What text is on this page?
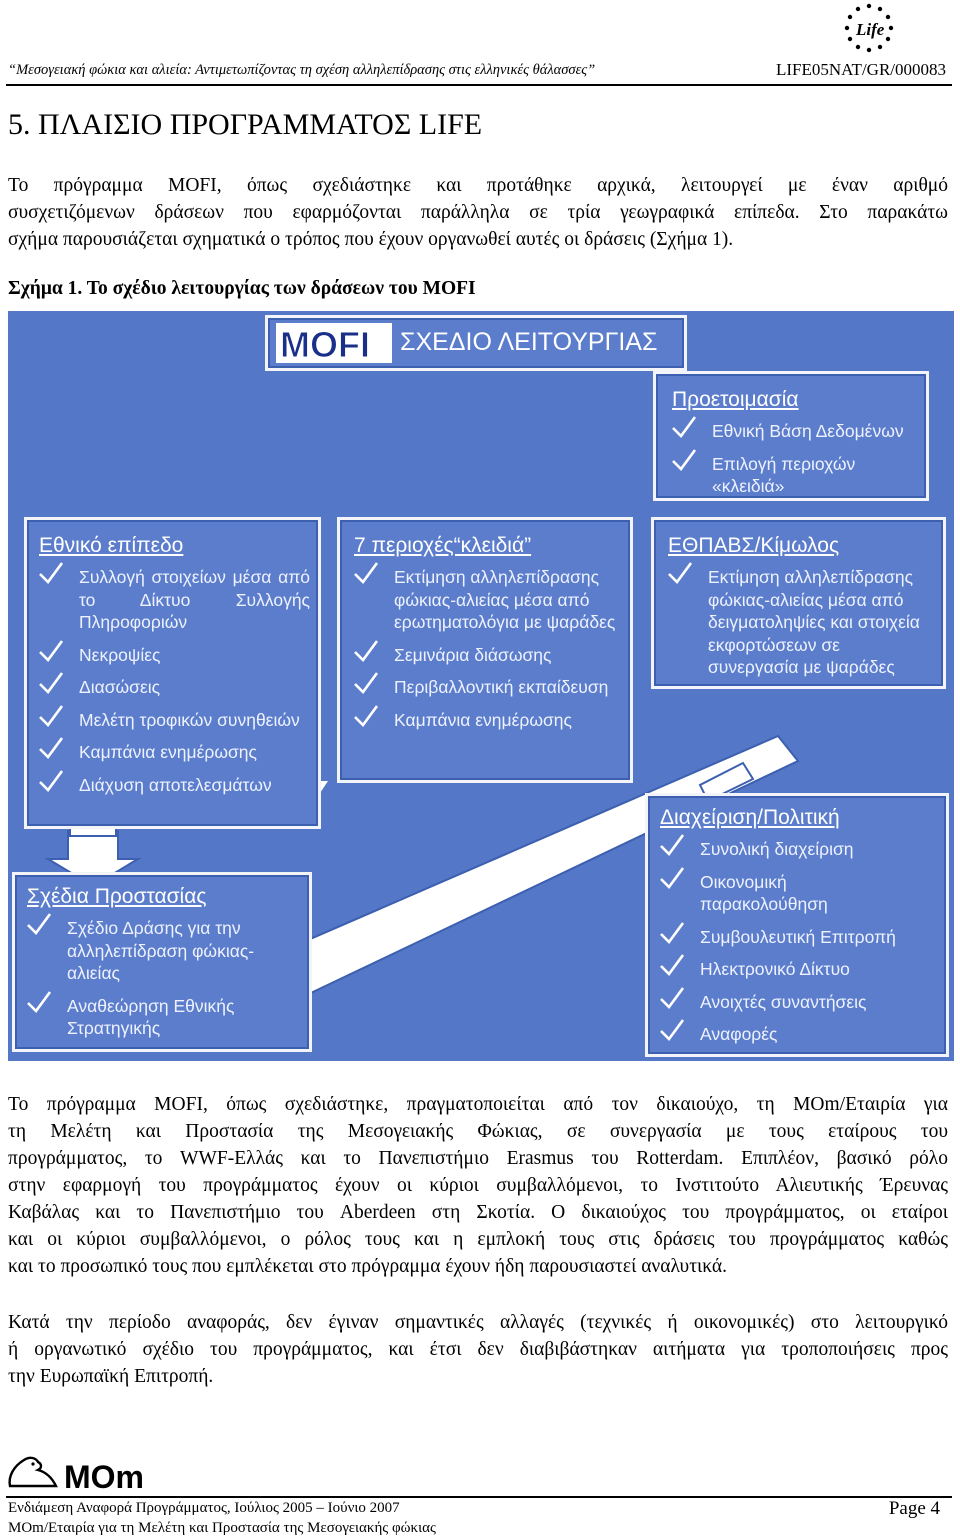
Life
“Μεσογειακή φώκια και αλιεία: Αντιμετωπίζοντας τη σχέση αλληλεπίδρασης στις ελληνικές θάλασσες”	LIFE05NAT/GR/000083
5. ΠΛΑΙΣΙΟ ΠΡΟΓΡΑΜΜΑΤΟΣ LIFE
Το πρόγραμμα MOFI, όπως σχεδιάστηκε και προτάθηκε αρχικά, λειτουργεί με έναν αριθμό
συσχετιζόμενων δράσεων που εφαρμόζονται παράλληλα σε τρία γεωγραφικά επίπεδα. Στο παρακάτω
σχήμα παρουσιάζεται σχηματικά ο τρόπος που έχουν οργανωθεί αυτές οι δράσεις (Σχήμα 1).

Σχήμα 1. Το σχέδιο λειτουργίας των δράσεων του MOFI

MOFI ΣΧΕΔΙΟ ΛΕΙΤΟΥΡΓΙΑΣ
Προετοιμασία
Εθνική Βάση Δεδομένων
Επιλογή περιοχών «κλειδιά»
Εθνικό επίπεδο
Συλλογή στοιχείων μέσα από το Δίκτυο Συλλογής Πληροφοριών
Νεκροψίες
Διασώσεις
Μελέτη τροφικών συνηθειών
Καμπάνια ενημέρωσης
Διάχυση αποτελεσμάτων
7 περιοχές“κλειδιά”
Εκτίμηση αλληλεπίδρασης φώκιας-αλιείας μέσα από ερωτηματολόγια με ψαράδες
Σεμινάρια διάσωσης
Περιβαλλοντική εκπαίδευση
Καμπάνια ενημέρωσης
ΕΘΠΑΒΣ/Κίμωλος
Εκτίμηση αλληλεπίδρασης φώκιας-αλιείας μέσα από δειγματοληψίες και στοιχεία εκφορτώσεων σε συνεργασία με ψαράδες
Σχέδια Προστασίας
Σχέδιο Δράσης για την αλληλεπίδραση φώκιας-αλιείας
Αναθεώρηση Εθνικής Στρατηγικής
Διαχείριση/Πολιτική
Συνολική διαχείριση
Οικονομική παρακολούθηση
Συμβουλευτική Επιτροπή
Ηλεκτρονικό Δίκτυο
Ανοιχτές συναντήσεις
Αναφορές
Το πρόγραμμα MOFI, όπως σχεδιάστηκε, πραγματοποιείται από τον δικαιούχο, τη MOm/Εταιρία για
τη Μελέτη και Προστασία της Μεσογειακής Φώκιας, σε συνεργασία με τους εταίρους του
προγράμματος, το WWF-Ελλάς και το Πανεπιστήμιο Erasmus του Rotterdam. Επιπλέον, βασικό ρόλο
στην εφαρμογή του προγράμματος έχουν οι κύριοι συμβαλλόμενοι, το Ινστιτούτο Αλιευτικής Έρευνας
Καβάλας και το Πανεπιστήμιο του Aberdeen στη Σκοτία. Ο δικαιούχος του προγράμματος, οι εταίροι
και οι κύριοι συμβαλλόμενοι, ο ρόλος τους και η εμπλοκή τους στις δράσεις του προγράμματος καθώς
και το προσωπικό τους που εμπλέκεται στο πρόγραμμα έχουν ήδη παρουσιαστεί αναλυτικά.
Κατά την περίοδο αναφοράς, δεν έγιναν σημαντικές αλλαγές (τεχνικές ή οικονομικές) στο λειτουργικό
ή οργανωτικό σχέδιο του προγράμματος, και έτσι δεν διαβιβάστηκαν αιτήματα για τροποποιήσεις προς
την Ευρωπαϊκή Επιτροπή.
MOm
Ενδιάμεση Αναφορά Προγράμματος, Ιούλιος 2005 – Ιούνιο 2007
MOm/Εταιρία για τη Μελέτη και Προστασία της Μεσογειακής φώκιας
Page 4
